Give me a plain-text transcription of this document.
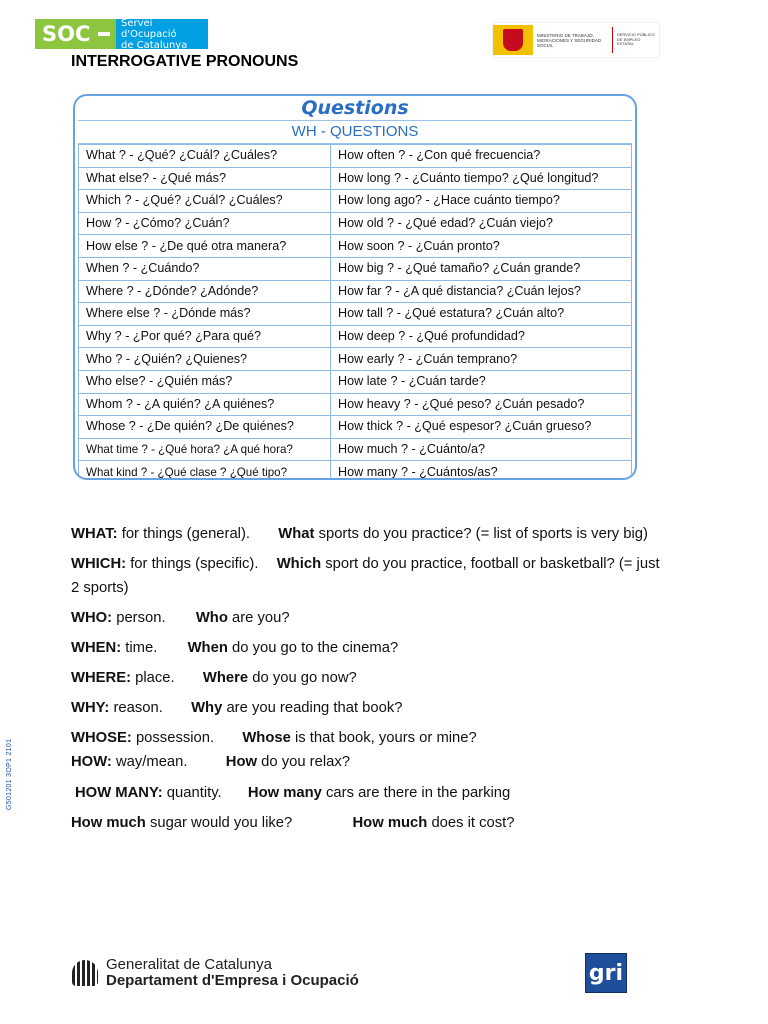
SOC	Servei d'Ocupació
de Catalunya
MINISTERIO DE TRABAJO, MIGRACIONES Y SEGURIDAD SOCIAL
SERVICIO PÚBLICO DE EMPLEO ESTATAL
INTERROGATIVE PRONOUNS
Questions
WH - QUESTIONS
What ? - ¿Qué? ¿Cuál? ¿Cuáles?	How often ? - ¿Con qué frecuencia?
What else? - ¿Qué más?	How long ? - ¿Cuánto tiempo? ¿Qué longitud?
Which ? - ¿Qué? ¿Cuál? ¿Cuáles?	How long ago? - ¿Hace cuánto tiempo?
How ? - ¿Cómo? ¿Cuán?	How old ? - ¿Qué edad? ¿Cuán viejo?
How else ? - ¿De qué otra manera?	How soon ? - ¿Cuán pronto?
When ? - ¿Cuándo?	How big ? - ¿Qué tamaño? ¿Cuán grande?
Where ? - ¿Dónde? ¿Adónde?	How far ? - ¿A qué distancia? ¿Cuán lejos?
Where else ? - ¿Dónde más?	How tall ? - ¿Qué estatura? ¿Cuán alto?
Why ? - ¿Por qué? ¿Para qué?	How deep ? - ¿Qué profundidad?
Who ? - ¿Quién? ¿Quienes?	How early ? - ¿Cuán temprano?
Who else? - ¿Quién más?	How late ? - ¿Cuán tarde?
Whom ? - ¿A quién? ¿A quiénes?	How heavy ? - ¿Qué peso? ¿Cuán pesado?
Whose ? - ¿De quién? ¿De quiénes?	How thick ? - ¿Qué espesor? ¿Cuán grueso?
What time ? - ¿Qué hora? ¿A qué hora?	How much ? - ¿Cuánto/a?
What kind ? - ¿Qué clase ? ¿Qué tipo?	How many ? - ¿Cuántos/as?
WHAT: for things (general). What sports do you practice? (= list of sports is very big)
WHICH: for things (specific). Which sport do you practice, football or basketball? (= just
2 sports)
WHO: person. Who are you?
WHEN: time. When do you go to the cinema?
WHERE: place. Where do you go now?
WHY: reason. Why are you reading that book?
WHOSE: possession. Whose is that book, yours or mine?
HOW: way/mean.	How do you relax?
HOW MANY: quantity. How many cars are there in the parking
How much sugar would you like?	How much does it cost?
G501201 3OP1 2101
Generalitat de Catalunya
Departament d'Empresa i Ocupació	gri
